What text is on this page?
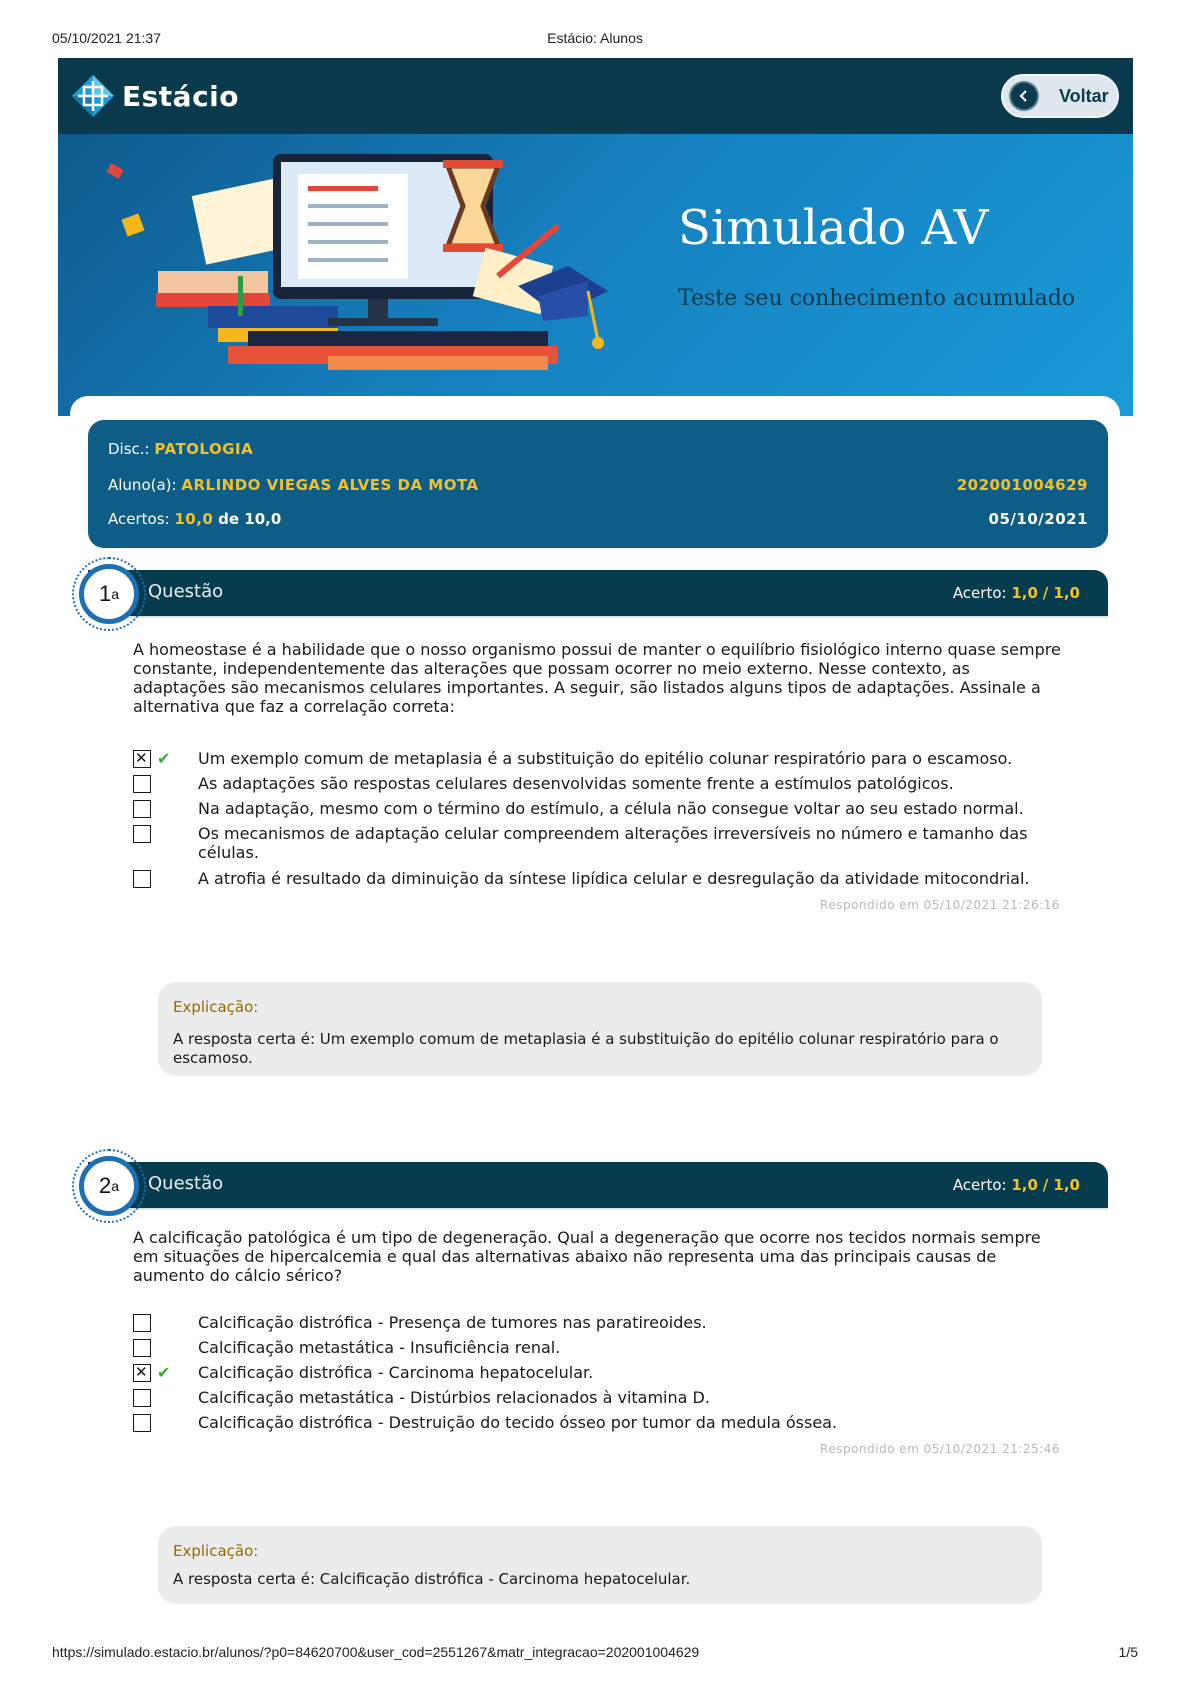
05/10/2021 21:37	Estácio: Alunos
Estácio	Voltar
Simulado AV
Teste seu conhecimento acumulado
Disc.: PATOLOGIA
Aluno(a): ARLINDO VIEGAS ALVES DA MOTA	202001004629
Acertos: 10,0 de 10,0	05/10/2021
Questão	Acerto: 1,0 / 1,0
1 a
A homeostase é a habilidade que o nosso organismo possui de manter o equilíbrio fisiológico interno quase sempre constante, independentemente das alterações que possam ocorrer no meio externo. Nesse contexto, as adaptações são mecanismos celulares importantes. A seguir, são listados alguns tipos de adaptações. Assinale a alternativa que faz a correlação correta:
✕
✔ Um exemplo comum de metaplasia é a substituição do epitélio colunar respiratório para o escamoso.
As adaptações são respostas celulares desenvolvidas somente frente a estímulos patológicos.
Na adaptação, mesmo com o término do estímulo, a célula não consegue voltar ao seu estado normal.
Os mecanismos de adaptação celular compreendem alterações irreversíveis no número e tamanho das células.
A atrofia é resultado da diminuição da síntese lipídica celular e desregulação da atividade mitocondrial.
Respondido em 05/10/2021 21:26:16
Explicação:
A resposta certa é: Um exemplo comum de metaplasia é a substituição do epitélio colunar respiratório para o escamoso.
Questão	Acerto: 1,0 / 1,0
2 a
A calcificação patológica é um tipo de degeneração. Qual a degeneração que ocorre nos tecidos normais sempre em situações de hipercalcemia e qual das alternativas abaixo não representa uma das principais causas de aumento do cálcio sérico?
Calcificação distrófica - Presença de tumores nas paratireoides.
Calcificação metastática - Insuficiência renal.
✕
✔ Calcificação distrófica - Carcinoma hepatocelular.
Calcificação metastática - Distúrbios relacionados à vitamina D.
Calcificação distrófica - Destruição do tecido ósseo por tumor da medula óssea.
Respondido em 05/10/2021 21:25:46
Explicação:
A resposta certa é: Calcificação distrófica - Carcinoma hepatocelular.
https://simulado.estacio.br/alunos/?p0=84620700&user_cod=2551267&matr_integracao=202001004629	1/5
